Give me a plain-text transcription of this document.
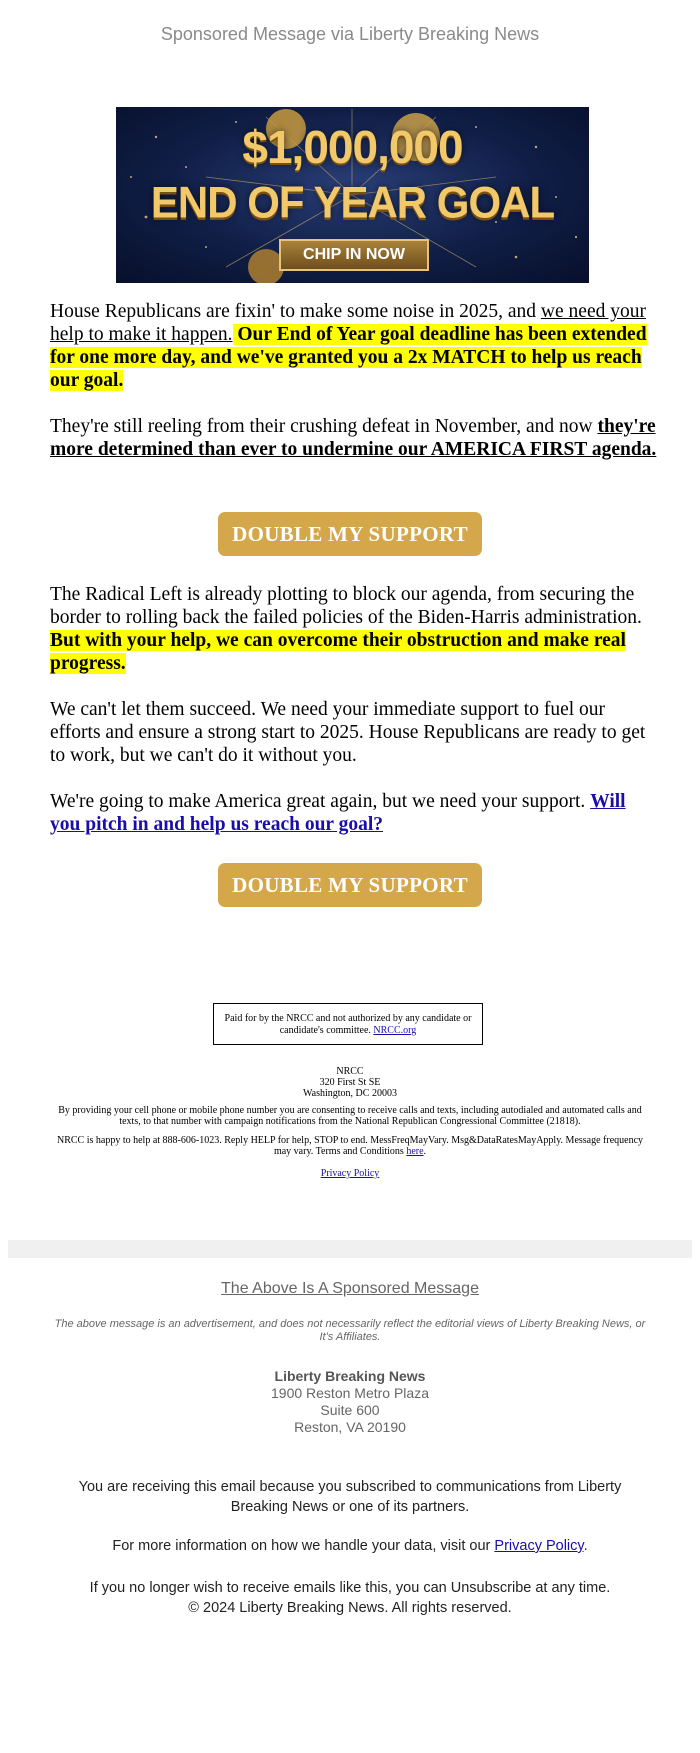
Sponsored Message via Liberty Breaking News
$1,000,000
END OF YEAR GOAL
CHIP IN NOW

House Republicans are fixin' to make some noise in 2025, and we need your help to make it happen. Our End of Year goal deadline has been extended for one more day, and we've granted you a 2x MATCH to help us reach our goal.

They're still reeling from their crushing defeat in November, and now they're more determined than ever to undermine our AMERICA FIRST agenda.

DOUBLE MY SUPPORT

The Radical Left is already plotting to block our agenda, from securing the border to rolling back the failed policies of the Biden-Harris administration. But with your help, we can overcome their obstruction and make real progress.

We can't let them succeed. We need your immediate support to fuel our efforts and ensure a strong start to 2025. House Republicans are ready to get to work, but we can't do it without you.

We're going to make America great again, but we need your support. Will you pitch in and help us reach our goal?

DOUBLE MY SUPPORT
Paid for by the NRCC and not authorized by any candidate or candidate's committee. NRCC.org

NRCC
320 First St SE
Washington, DC 20003

By providing your cell phone or mobile phone number you are consenting to receive calls and texts, including autodialed and automated calls and texts, to that number with campaign notifications from the National Republican Congressional Committee (21818).

NRCC is happy to help at 888-606-1023. Reply HELP for help, STOP to end. MessFreqMayVary. Msg&DataRatesMayApply. Message frequency may vary. Terms and Conditions here.

Privacy Policy

The Above Is A Sponsored Message
The above message is an advertisement, and does not necessarily reflect the editorial views of Liberty Breaking News, or It's Affiliates.
Liberty Breaking News
1900 Reston Metro Plaza
Suite 600
Reston, VA 20190

You are receiving this email because you subscribed to communications from Liberty Breaking News or one of its partners.

For more information on how we handle your data, visit our Privacy Policy.

If you no longer wish to receive emails like this, you can Unsubscribe at any time.

© 2024 Liberty Breaking News. All rights reserved.
